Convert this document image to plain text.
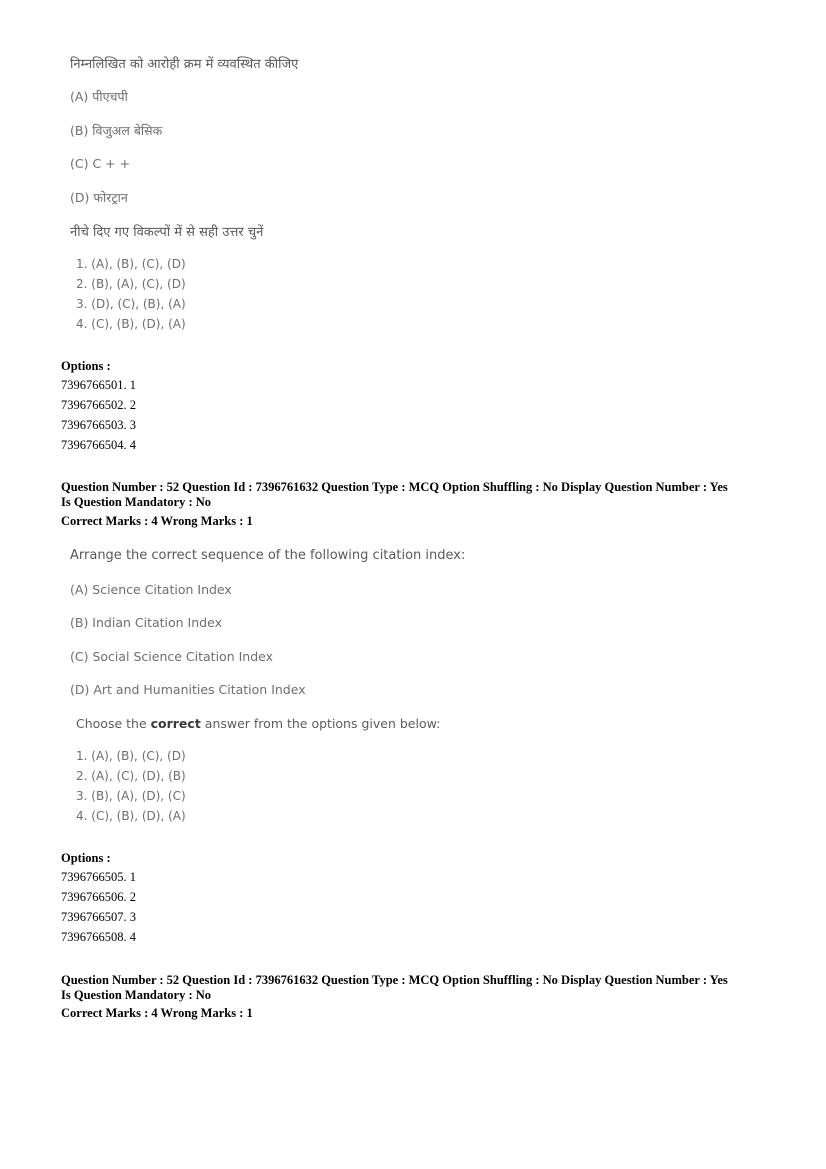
निम्नलिखित को आरोही क्रम में व्यवस्थित कीजिए
(A) पीएचपी
(B) विजुअल बेसिक
(C) C + +
(D) फोरट्रान
नीचे दिए गए विकल्पों में से सही उत्तर चुनें
1. (A), (B), (C), (D)
2. (B), (A), (C), (D)
3. (D), (C), (B), (A)
4. (C), (B), (D), (A)
Options :
7396766501. 1
7396766502. 2
7396766503. 3
7396766504. 4
Question Number : 52 Question Id : 7396761632 Question Type : MCQ Option Shuffling : No Display Question Number : Yes
Is Question Mandatory : No
Correct Marks : 4 Wrong Marks : 1
Arrange the correct sequence of the following citation index:
(A) Science Citation Index
(B) Indian Citation Index
(C) Social Science Citation Index
(D) Art and Humanities Citation Index
Choose the correct answer from the options given below:
1. (A), (B), (C), (D)
2. (A), (C), (D), (B)
3. (B), (A), (D), (C)
4. (C), (B), (D), (A)
Options :
7396766505. 1
7396766506. 2
7396766507. 3
7396766508. 4
Question Number : 52 Question Id : 7396761632 Question Type : MCQ Option Shuffling : No Display Question Number : Yes
Is Question Mandatory : No
Correct Marks : 4 Wrong Marks : 1
